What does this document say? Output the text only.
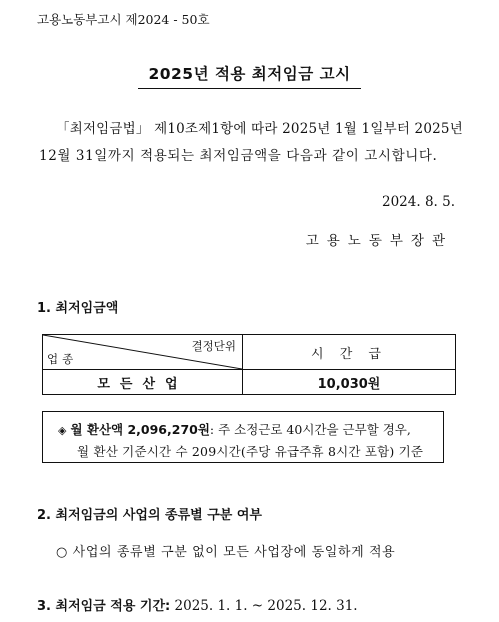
고용노동부고시 제2024 - 50호
2025년 적용 최저임금 고시
「최저임금법」 제10조제1항에 따라 2025년 1월 1일부터 2025년
12월 31일까지 적용되는 최저임금액을 다음과 같이 고시합니다.
2024. 8. 5.
고용노동부장관
1. 최저임금액
결정단위
업종	시 간 급
모든산업	10,030원
◈ 월 환산액 2,096,270원: 주 소정근로 40시간을 근무할 경우,
월 환산 기준시간 수 209시간(주당 유급주휴 8시간 포함) 기준
2. 최저임금의 사업의 종류별 구분 여부
○ 사업의 종류별 구분 없이 모든 사업장에 동일하게 적용
3. 최저임금 적용 기간: 2025. 1. 1. ~ 2025. 12. 31.
